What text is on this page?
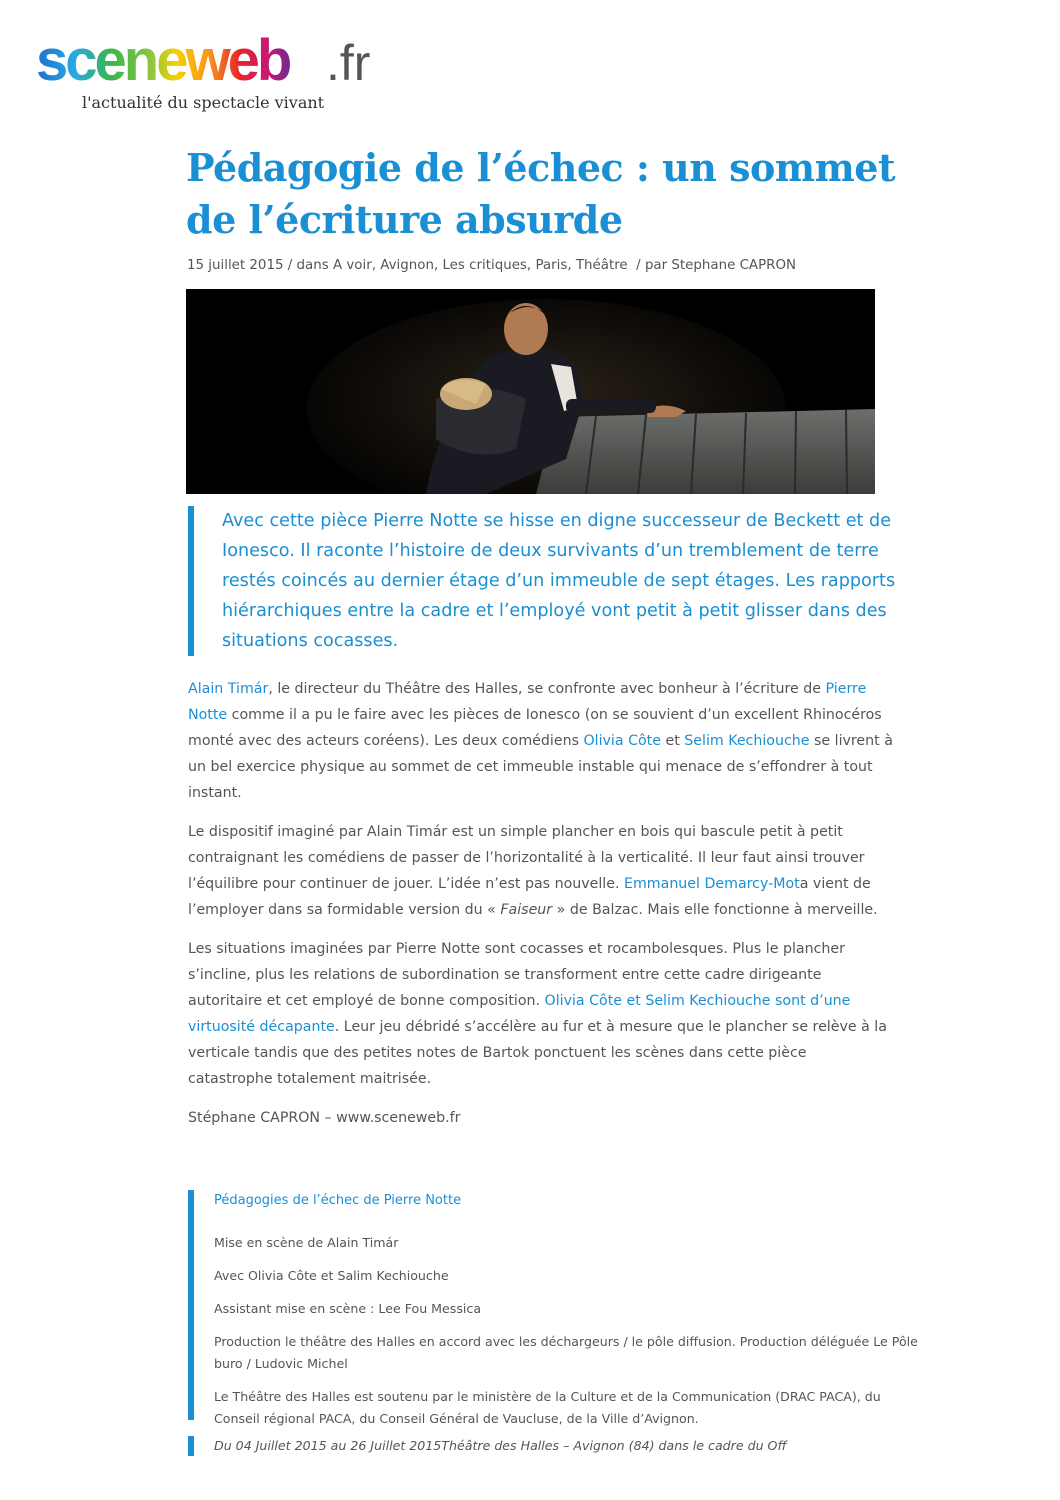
sceneweb .fr
l'actualité du spectacle vivant
Pédagogie de l’échec : un sommet de l’écriture absurde
15 juillet 2015 / dans A voir, Avignon, Les critiques, Paris, Théâtre  / par Stephane CAPRON

Avec cette pièce Pierre Notte se hisse en digne successeur de Beckett et de Ionesco. Il raconte l’histoire de deux survivants d’un tremblement de terre restés coincés au dernier étage d’un immeuble de sept étages. Les rapports hiérarchiques entre la cadre et l’employé vont petit à petit glisser dans des situations cocasses.

Alain Timár, le directeur du Théâtre des Halles, se confronte avec bonheur à l’écriture de Pierre Notte comme il a pu le faire avec les pièces de Ionesco (on se souvient d’un excellent Rhinocéros monté avec des acteurs coréens). Les deux comédiens Olivia Côte et Selim Kechiouche se livrent à un bel exercice physique au sommet de cet immeuble instable qui menace de s’effondrer à tout instant.

Le dispositif imaginé par Alain Timár est un simple plancher en bois qui bascule petit à petit contraignant les comédiens de passer de l’horizontalité à la verticalité. Il leur faut ainsi trouver l’équilibre pour continuer de jouer. L’idée n’est pas nouvelle. Emmanuel Demarcy-Mota vient de l’employer dans sa formidable version du « Faiseur » de Balzac. Mais elle fonctionne à merveille.

Les situations imaginées par Pierre Notte sont cocasses et rocambolesques. Plus le plancher s’incline, plus les relations de subordination se transforment entre cette cadre dirigeante autoritaire et cet employé de bonne composition. Olivia Côte et Selim Kechiouche sont d’une virtuosité décapante. Leur jeu débridé s’accélère au fur et à mesure que le plancher se relève à la verticale tandis que des petites notes de Bartok ponctuent les scènes dans cette pièce catastrophe totalement maitrisée.

Stéphane CAPRON – www.sceneweb.fr

Pédagogies de l’échec de Pierre Notte

Mise en scène de Alain Timár

Avec Olivia Côte et Salim Kechiouche

Assistant mise en scène : Lee Fou Messica

Production le théâtre des Halles en accord avec les déchargeurs / le pôle diffusion. Production déléguée Le Pôle buro / Ludovic Michel

Le Théâtre des Halles est soutenu par le ministère de la Culture et de la Communication (DRAC PACA), du Conseil régional PACA, du Conseil Général de Vaucluse, de la Ville d’Avignon.

Du 04 Juillet 2015 au 26 Juillet 2015Théâtre des Halles – Avignon (84) dans le cadre du Off
